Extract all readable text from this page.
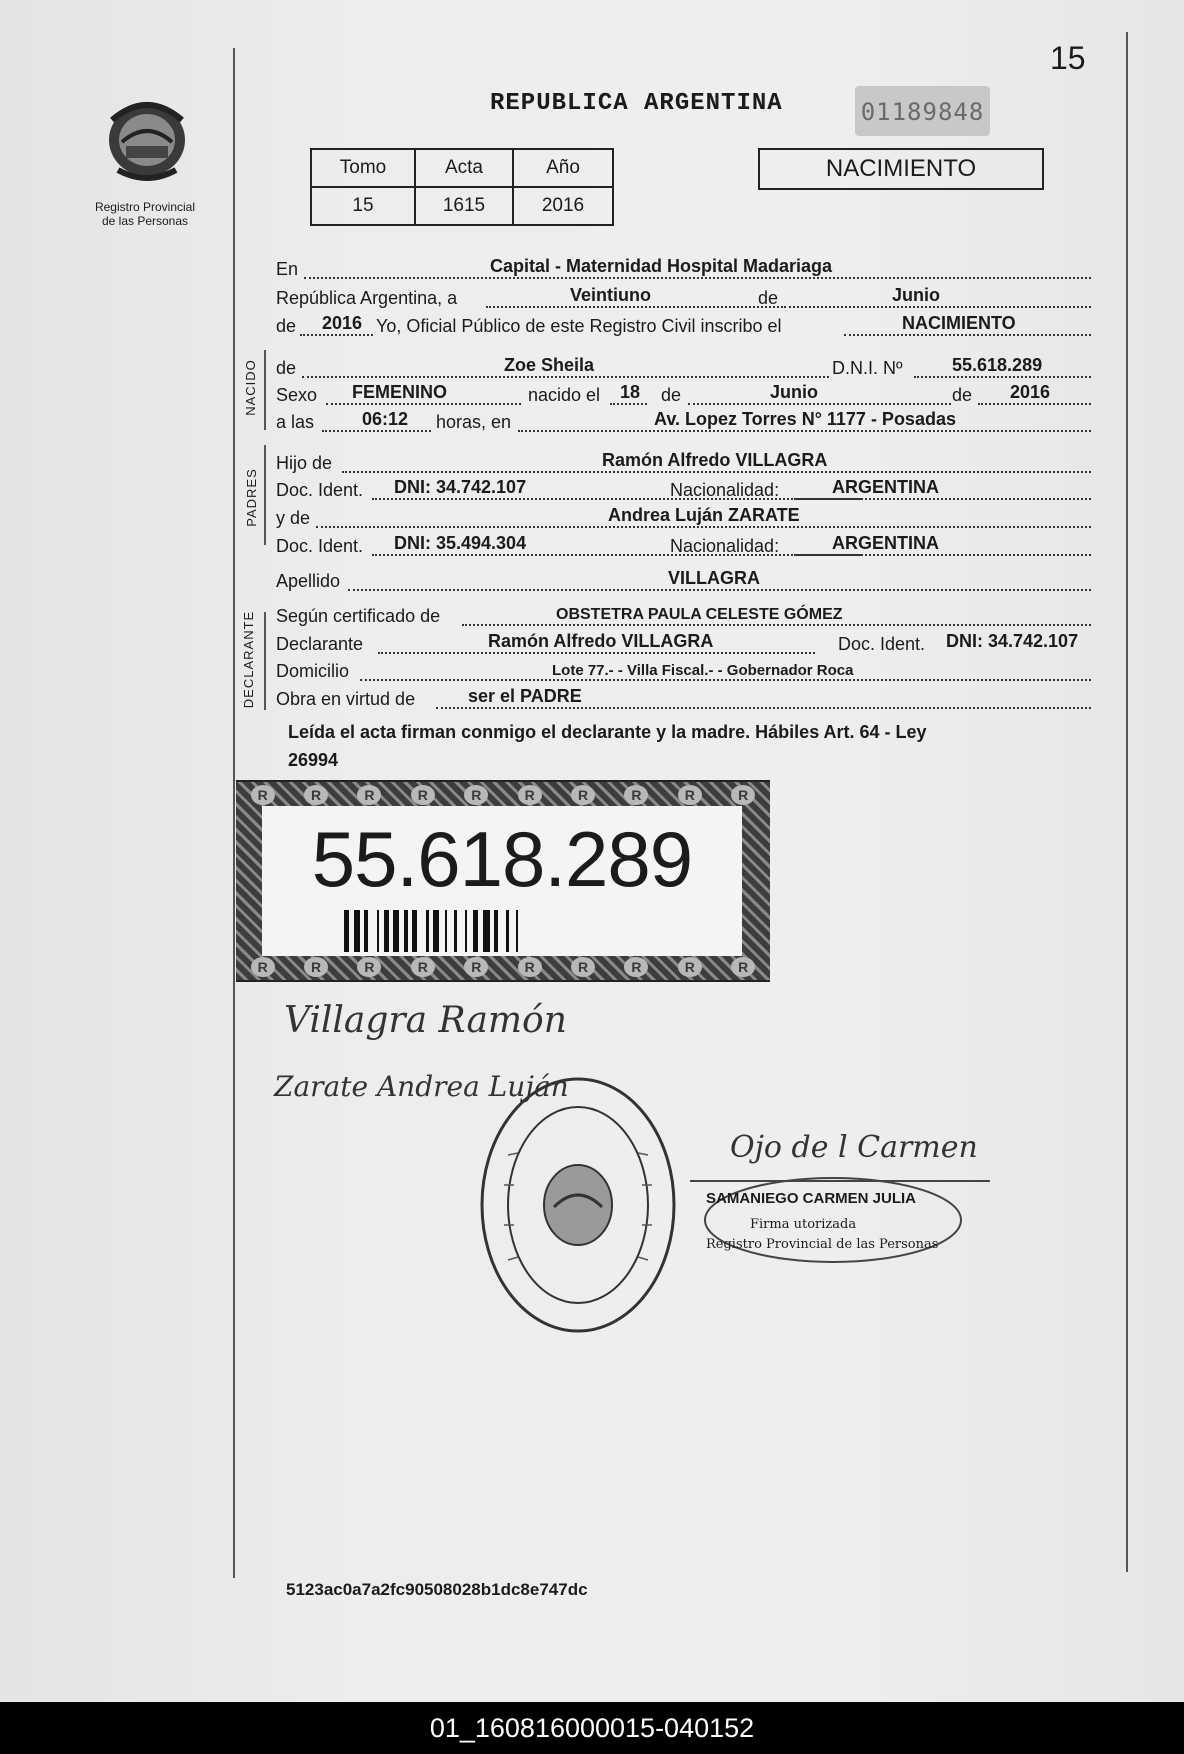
15
Registro Provincial
de las Personas
REPUBLICA ARGENTINA	01189848
Tomo	Acta	Año
15	1615	2016
NACIMIENTO
NACIDO
PADRES
DECLARANTE
En	Capital - Maternidad Hospital Madariaga
República Argentina, a	Veintiuno	de	Junio
de 2016 Yo, Oficial Público de este Registro Civil inscribo el	NACIMIENTO
de	Zoe Sheila	D.N.I. Nº	55.618.289
Sexo FEMENINO	nacido el 18 de	Junio	de 2016
a las	06:12 horas, en	Av. Lopez Torres N° 1177 - Posadas
Hijo de	Ramón Alfredo VILLAGRA
Doc. Ident. DNI: 34.742.107	Nacionalidad:	ARGENTINA
y de	Andrea Luján ZARATE
Doc. Ident. DNI: 35.494.304	Nacionalidad:	ARGENTINA
Apellido	VILLAGRA
Según certificado de	OBSTETRA PAULA CELESTE GÓMEZ
Declarante	Ramón Alfredo VILLAGRA	Doc. Ident. DNI: 34.742.107
Domicilio	Lote 77.- - Villa Fiscal.- - Gobernador Roca
Obra en virtud de	ser el PADRE
Leída el acta firman conmigo el declarante y la madre. Hábiles Art. 64 - Ley
26994
R	R	R	R	R	R	R	R	R	R
R	R	R	R	R	R	R	R	R	R
55.618.289
Villagra Ramón
Zarate Andrea Luján
Ojo de l Carmen
SAMANIEGO CARMEN JULIA
Firma utorizada
Registro Provincial de las Personas
5123ac0a7a2fc90508028b1dc8e747dc
01_160816000015-040152
